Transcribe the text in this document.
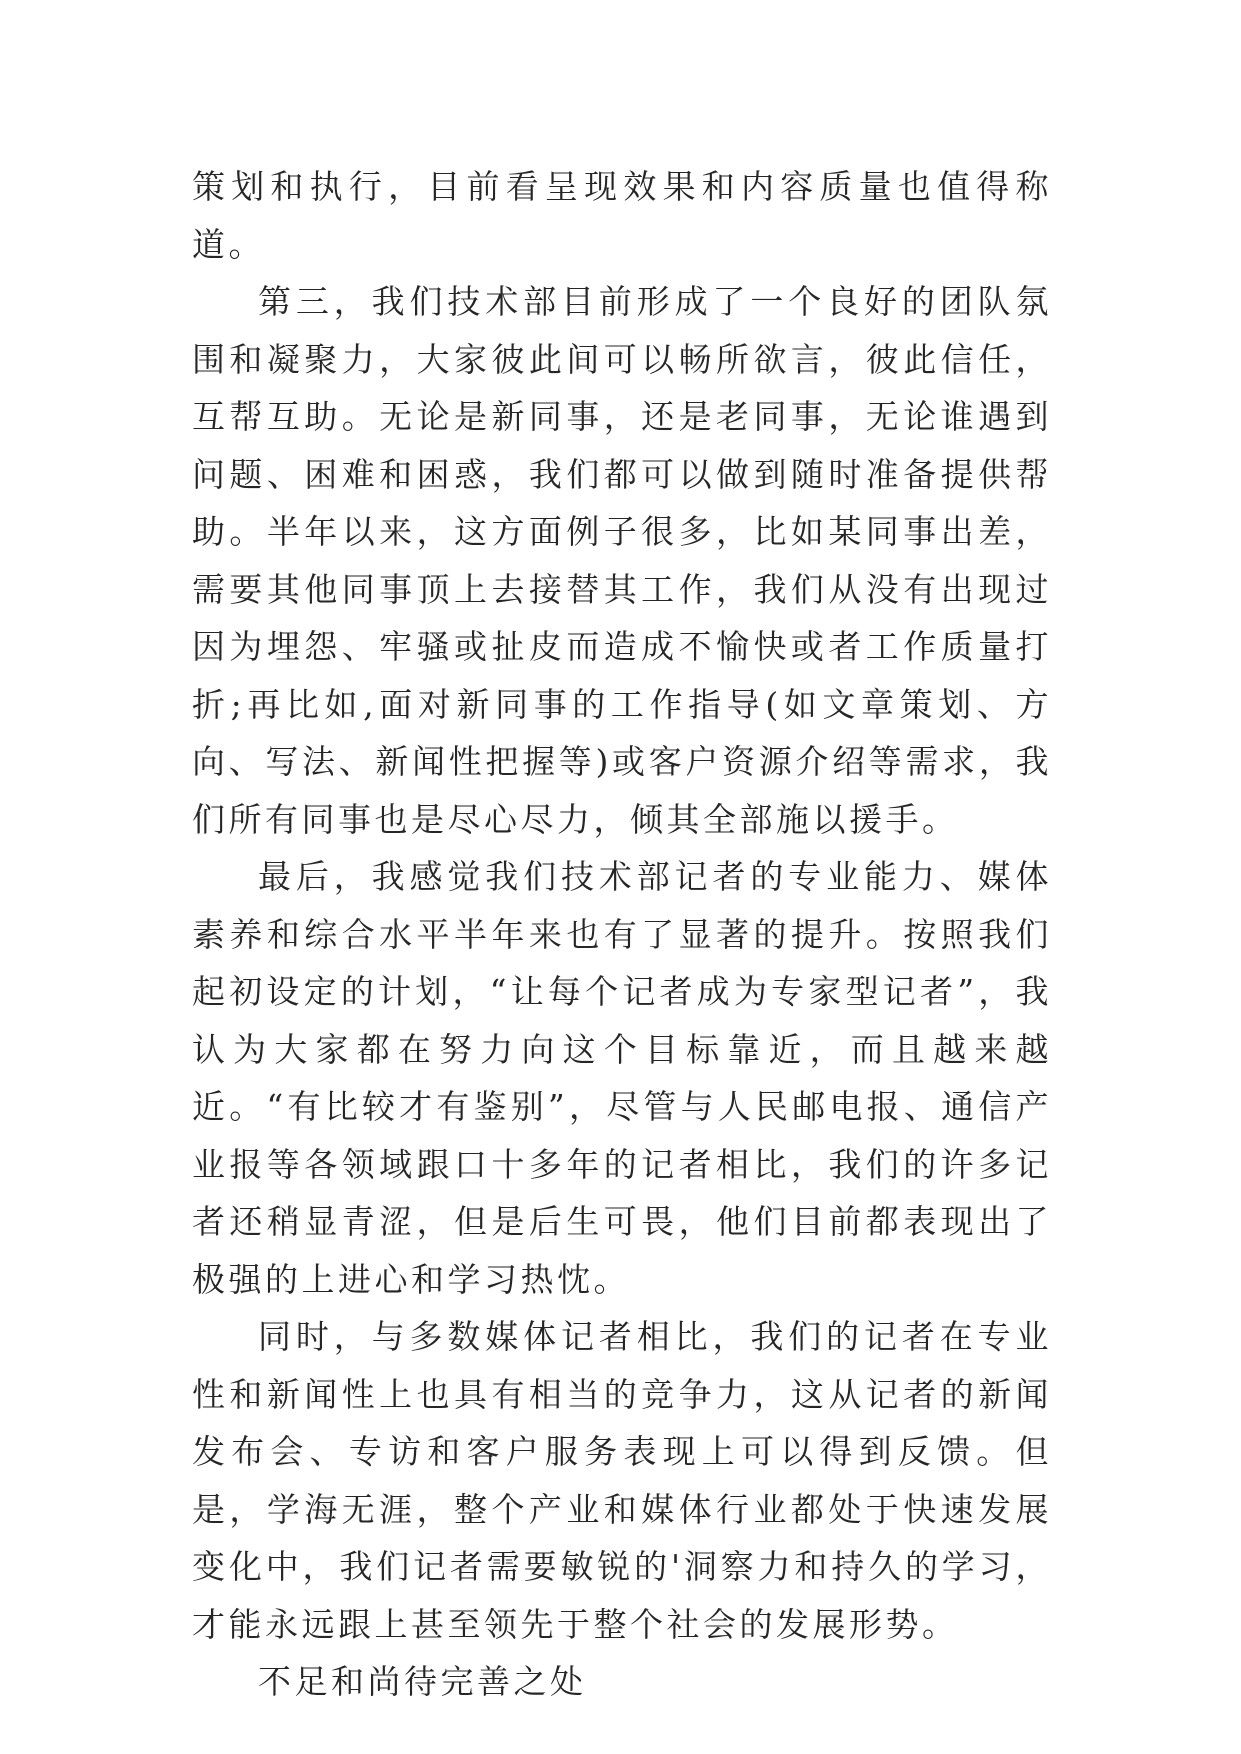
策划和执行，目前看呈现效果和内容质量也值得称道。

第三，我们技术部目前形成了一个良好的团队氛围和凝聚力，大家彼此间可以畅所欲言，彼此信任，互帮互助。无论是新同事，还是老同事，无论谁遇到问题、困难和困惑，我们都可以做到随时准备提供帮助。半年以来，这方面例子很多，比如某同事出差，需要其他同事顶上去接替其工作，我们从没有出现过因为埋怨、牢骚或扯皮而造成不愉快或者工作质量打折;再比如,面对新同事的工作指导(如文章策划、方向、写法、新闻性把握等)或客户资源介绍等需求，我们所有同事也是尽心尽力，倾其全部施以援手。

最后，我感觉我们技术部记者的专业能力、媒体素养和综合水平半年来也有了显著的提升。按照我们起初设定的计划，“让每个记者成为专家型记者”，我认为大家都在努力向这个目标靠近，而且越来越近。“有比较才有鉴别”，尽管与人民邮电报、通信产业报等各领域跟口十多年的记者相比，我们的许多记者还稍显青涩，但是后生可畏，他们目前都表现出了极强的上进心和学习热忱。

同时，与多数媒体记者相比，我们的记者在专业性和新闻性上也具有相当的竞争力，这从记者的新闻发布会、专访和客户服务表现上可以得到反馈。但是，学海无涯，整个产业和媒体行业都处于快速发展变化中，我们记者需要敏锐的'洞察力和持久的学习，才能永远跟上甚至领先于整个社会的发展形势。

不足和尚待完善之处
